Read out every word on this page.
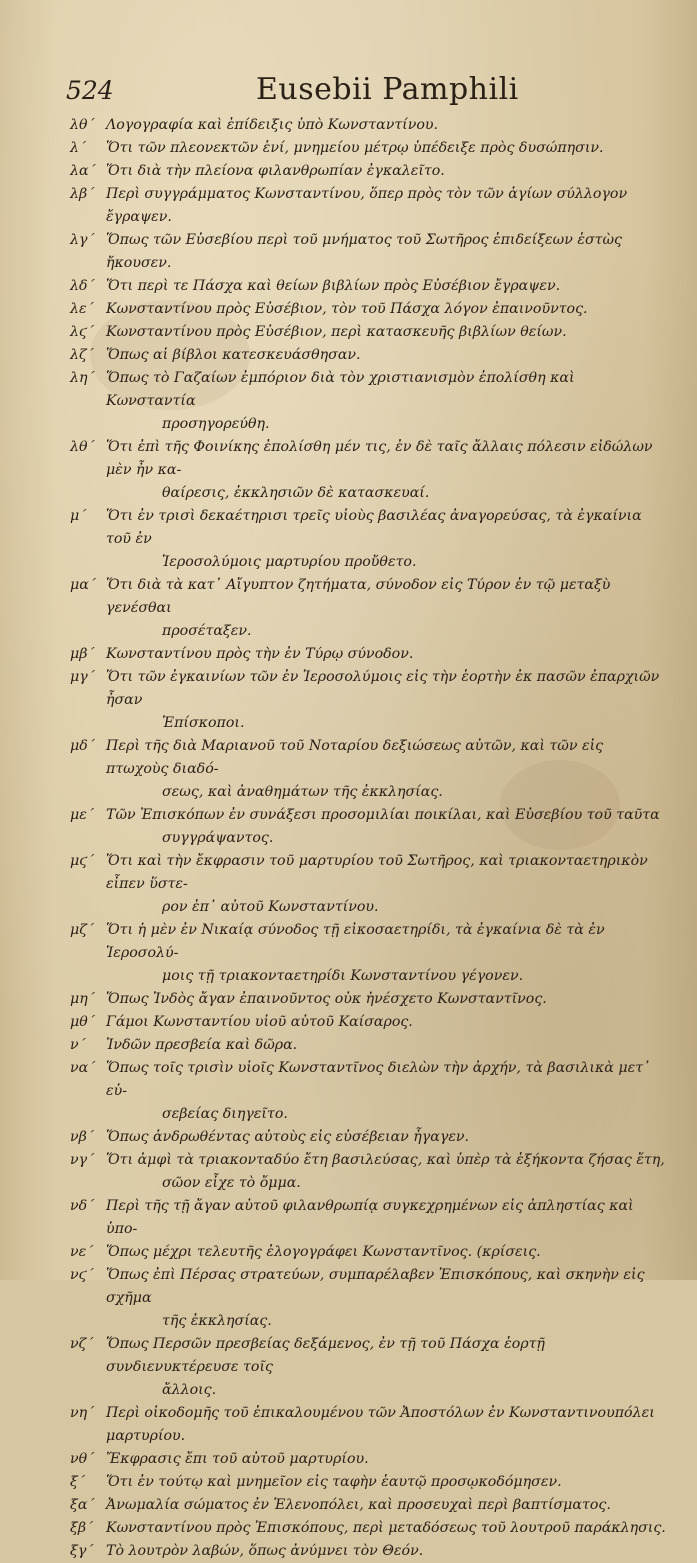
524	Eusebii Pamphili
λθ΄ Λογογραφία καὶ ἐπίδειξις ὑπὸ Κωνσταντίνου.
λ΄	Ὅτι τῶν πλεονεκτῶν ἑνί, μνημείου μέτρῳ ὑπέδειξε πρὸς δυσώπησιν.
λα΄ Ὅτι διὰ τὴν πλείονα φιλανθρωπίαν ἐγκαλεῖτο.
λβ΄ Περὶ συγγράμματος Κωνσταντίνου, ὅπερ πρὸς τὸν τῶν ἁγίων σύλλογον ἔγραψεν.
λγ΄ Ὅπως τῶν Εὐσεβίου περὶ τοῦ μνήματος τοῦ Σωτῆρος ἐπιδείξεων ἑστὼς ἤκουσεν.
λδ΄ Ὅτι περὶ τε Πάσχα καὶ θείων βιβλίων πρὸς Εὐσέβιον ἔγραψεν.
λε΄ Κωνσταντίνου πρὸς Εὐσέβιον, τὸν τοῦ Πάσχα λόγον ἐπαινοῦντος.
λϛ΄ Κωνσταντίνου πρὸς Εὐσέβιον, περὶ κατασκευῆς βιβλίων θείων.
λζ΄ Ὅπως αἱ βίβλοι κατεσκευάσθησαν.
λη΄ Ὅπως τὸ Γαζαίων ἐμπόριον διὰ τὸν χριστιανισμὸν ἐπολίσθη καὶ Κωνσταντία
προσηγορεύθη.
λθ΄ Ὅτι ἐπὶ τῆς Φοινίκης ἐπολίσθη μέν τις, ἐν δὲ ταῖς ἄλλαις πόλεσιν εἰδώλων μὲν ἦν κα-
θαίρεσις, ἐκκλησιῶν δὲ κατασκευαί.
μ΄	Ὅτι ἐν τρισὶ δεκαέτηρισι τρεῖς υἱοὺς βασιλέας ἀναγορεύσας, τὰ ἐγκαίνια τοῦ ἐν
Ἱεροσολύμοις μαρτυρίου προὔθετο.
μα΄ Ὅτι διὰ τὰ κατ᾽ Αἴγυπτον ζητήματα, σύνοδον εἰς Τύρον ἐν τῷ μεταξὺ γενέσθαι
προσέταξεν.
μβ΄ Κωνσταντίνου πρὸς τὴν ἐν Τύρῳ σύνοδον.
μγ΄ Ὅτι τῶν ἐγκαινίων τῶν ἐν Ἱεροσολύμοις εἰς τὴν ἑορτὴν ἐκ πασῶν ἐπαρχιῶν ἦσαν
Ἐπίσκοποι.
μδ΄ Περὶ τῆς διὰ Μαριανοῦ τοῦ Νοταρίου δεξιώσεως αὐτῶν, καὶ τῶν εἰς πτωχοὺς διαδό-
σεως, καὶ ἀναθημάτων τῆς ἐκκλησίας.
με΄ Τῶν Ἐπισκόπων ἐν συνάξεσι προσομιλίαι ποικίλαι, καὶ Εὐσεβίου τοῦ ταῦτα
συγγράψαντος.
μϛ΄ Ὅτι καὶ τὴν ἔκφρασιν τοῦ μαρτυρίου τοῦ Σωτῆρος, καὶ τριακονταετηρικὸν εἶπεν ὕστε-
ρον ἐπ᾽ αὐτοῦ Κωνσταντίνου.
μζ΄ Ὅτι ἡ μὲν ἐν Νικαίᾳ σύνοδος τῇ εἰκοσαετηρίδι, τὰ ἐγκαίνια δὲ τὰ ἐν Ἱεροσολύ-
μοις τῇ τριακονταετηρίδι Κωνσταντίνου γέγονεν.
μη΄ Ὅπως Ἰνδὸς ἄγαν ἐπαινοῦντος οὐκ ἠνέσχετο Κωνσταντῖνος.
μθ΄ Γάμοι Κωνσταντίου υἱοῦ αὐτοῦ Καίσαρος.
ν΄	Ἰνδῶν πρεσβεία καὶ δῶρα.
να΄ Ὅπως τοῖς τρισὶν υἱοῖς Κωνσταντῖνος διελὼν τὴν ἀρχήν, τὰ βασιλικὰ μετ᾽ εὐ-
σεβείας διηγεῖτο.
νβ΄ Ὅπως ἀνδρωθέντας αὐτοὺς εἰς εὐσέβειαν ἦγαγεν.
νγ΄ Ὅτι ἀμφὶ τὰ τριακονταδύο ἔτη βασιλεύσας, καὶ ὑπὲρ τὰ ἑξήκοντα ζήσας ἔτη,
σῶον εἶχε τὸ ὄμμα.
νδ΄ Περὶ τῆς τῇ ἄγαν αὐτοῦ φιλανθρωπίᾳ συγκεχρημένων εἰς ἀπληστίας καὶ ὑπο-
νε΄ Ὅπως μέχρι τελευτῆς ἐλογογράφει Κωνσταντῖνος. (κρίσεις.
νϛ΄ Ὅπως ἐπὶ Πέρσας στρατεύων, συμπαρέλαβεν Ἐπισκόπους, καὶ σκηνὴν εἰς σχῆμα
τῆς ἐκκλησίας.
νζ΄ Ὅπως Περσῶν πρεσβείας δεξάμενος, ἐν τῇ τοῦ Πάσχα ἑορτῇ συνδιενυκτέρευσε τοῖς
ἄλλοις.
νη΄ Περὶ οἰκοδομῆς τοῦ ἐπικαλουμένου τῶν Ἀποστόλων ἐν Κωνσταντινουπόλει μαρτυρίου.
νθ΄ Ἔκφρασις ἔπι τοῦ αὐτοῦ μαρτυρίου.
ξ΄	Ὅτι ἐν τούτῳ καὶ μνημεῖον εἰς ταφὴν ἑαυτῷ προσῳκοδόμησεν.
ξα΄ Ἀνωμαλία σώματος ἐν Ἑλενοπόλει, καὶ προσευχαὶ περὶ βαπτίσματος.
ξβ΄ Κωνσταντίνου πρὸς Ἐπισκόπους, περὶ μεταδόσεως τοῦ λουτροῦ παράκλησις.
ξγ΄ Τὸ λουτρὸν λαβών, ὅπως ἀνύμνει τὸν Θεόν.
